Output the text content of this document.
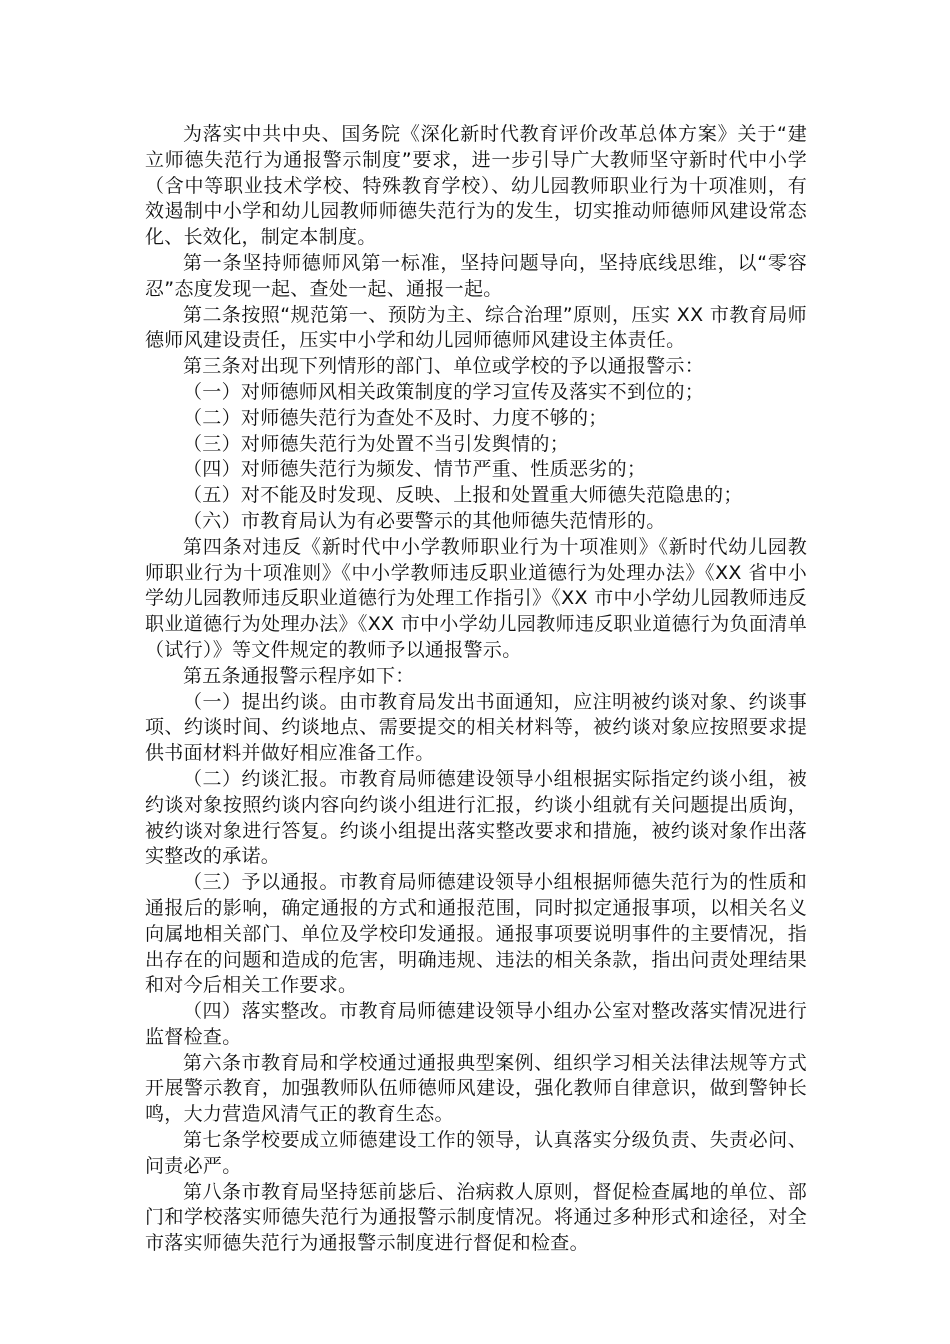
为落实中共中央、国务院《深化新时代教育评价改革总体方案》关于“建立师德失范行为通报警示制度”要求，进一步引导广大教师坚守新时代中小学（含中等职业技术学校、特殊教育学校）、幼儿园教师职业行为十项准则，有效遏制中小学和幼儿园教师师德失范行为的发生，切实推动师德师风建设常态化、长效化，制定本制度。

第一条坚持师德师风第一标准，坚持问题导向，坚持底线思维，以“零容忍”态度发现一起、查处一起、通报一起。

第二条按照“规范第一、预防为主、综合治理”原则，压实 XX 市教育局师德师风建设责任，压实中小学和幼儿园师德师风建设主体责任。

第三条对出现下列情形的部门、单位或学校的予以通报警示：

（一）对师德师风相关政策制度的学习宣传及落实不到位的；

（二）对师德失范行为查处不及时、力度不够的；

（三）对师德失范行为处置不当引发舆情的；

（四）对师德失范行为频发、情节严重、性质恶劣的；

（五）对不能及时发现、反映、上报和处置重大师德失范隐患的；

（六）市教育局认为有必要警示的其他师德失范情形的。

第四条对违反《新时代中小学教师职业行为十项准则》《新时代幼儿园教师职业行为十项准则》《中小学教师违反职业道德行为处理办法》《XX 省中小学幼儿园教师违反职业道德行为处理工作指引》《XX 市中小学幼儿园教师违反职业道德行为处理办法》《XX 市中小学幼儿园教师违反职业道德行为负面清单（试行）》等文件规定的教师予以通报警示。

第五条通报警示程序如下：

（一）提出约谈。由市教育局发出书面通知，应注明被约谈对象、约谈事项、约谈时间、约谈地点、需要提交的相关材料等，被约谈对象应按照要求提供书面材料并做好相应准备工作。

（二）约谈汇报。市教育局师德建设领导小组根据实际指定约谈小组，被约谈对象按照约谈内容向约谈小组进行汇报，约谈小组就有关问题提出质询，被约谈对象进行答复。约谈小组提出落实整改要求和措施，被约谈对象作出落实整改的承诺。

（三）予以通报。市教育局师德建设领导小组根据师德失范行为的性质和通报后的影响，确定通报的方式和通报范围，同时拟定通报事项，以相关名义向属地相关部门、单位及学校印发通报。通报事项要说明事件的主要情况，指出存在的问题和造成的危害，明确违规、违法的相关条款，指出问责处理结果和对今后相关工作要求。

（四）落实整改。市教育局师德建设领导小组办公室对整改落实情况进行监督检查。

第六条市教育局和学校通过通报典型案例、组织学习相关法律法规等方式开展警示教育，加强教师队伍师德师风建设，强化教师自律意识，做到警钟长鸣，大力营造风清气正的教育生态。

第七条学校要成立师德建设工作的领导，认真落实分级负责、失责必问、问责必严。

第八条市教育局坚持惩前毖后、治病救人原则，督促检查属地的单位、部门和学校落实师德失范行为通报警示制度情况。将通过多种形式和途径，对全市落实师德失范行为通报警示制度进行督促和检查。
